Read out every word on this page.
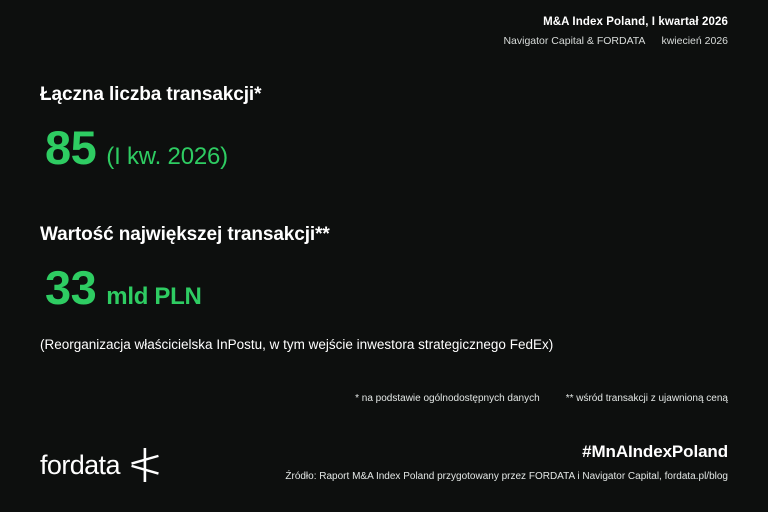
M&A Index Poland, I kwartał 2026
Navigator Capital & FORDATA kwiecień 2026
Łączna liczba transakcji*
85 (I kw. 2026)
Wartość największej transakcji**
33 mld PLN
(Reorganizacja właścicielska InPostu, w tym wejście inwestora strategicznego FedEx)
* na podstawie ogólnodostępnych danych	** wśród transakcji z ujawnioną ceną
fordata	#MnAIndexPoland
Źródło: Raport M&A Index Poland przygotowany przez FORDATA i Navigator Capital, fordata.pl/blog
